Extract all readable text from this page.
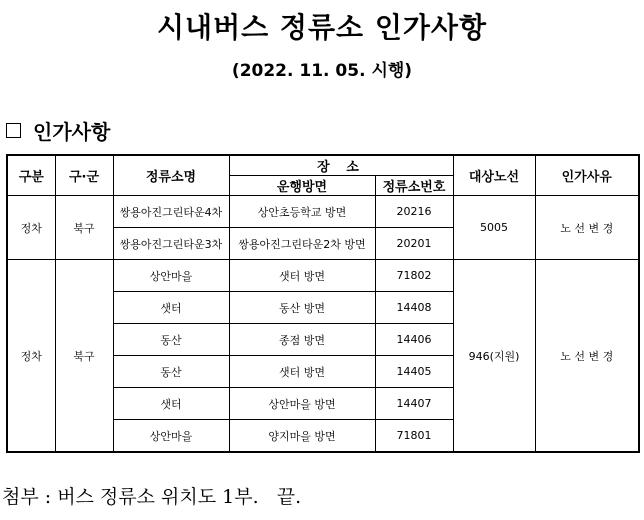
시내버스 정류소 인가사항
(2022. 11. 05. 시행)
인가사항
구분	구·군	정류소명	장 소		대상노선	인가사유
			운행방면	정류소번호		
정차	북구	쌍용아진그린타운4차	상안초등학교 방면	20216	5005	노 선 변 경
		쌍용아진그린타운3차	쌍용아진그린타운2차 방면	20201		
정차	북구	상안마을	샛터 방면	71802	946(지원)	노 선 변 경
		샛터	동산 방면	14408		
		동산	종점 방면	14406		
		동산	샛터 방면	14405		
		샛터	상안마을 방면	14407		
		상안마을	양지마을 방면	71801		
첨부 : 버스 정류소 위치도 1부.   끝.
